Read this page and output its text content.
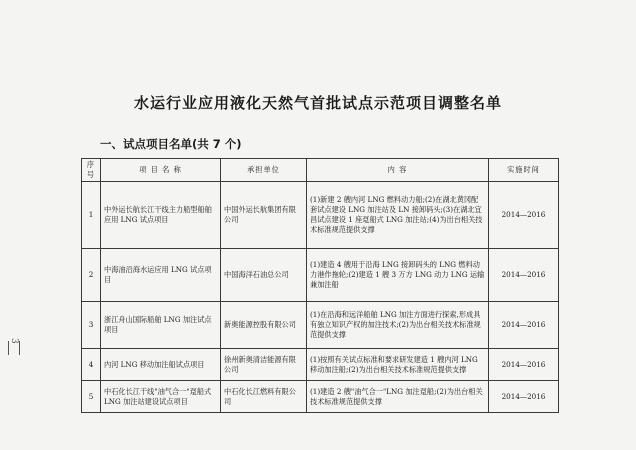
3
水运行业应用液化天然气首批试点示范项目调整名单
一、试点项目名单(共 7 个)
序号	项 目 名 称	承担单位	内 容	实施时间
1	中外运长航长江干线主力船型船舶应用 LNG 试点项目	中国外运长航集团有限公司	(1)新建 2 艘内河 LNG 燃料动力船;(2)在湖北黄冈配套试点建设 LNG 加注站及 LN 接卸码头;(3)在湖北宜昌试点建设 1 座趸船式 LNG 加注站;(4)为出台相关技术标准规范提供支撑	2014—2016
2	中海油沿海水运应用 LNG 试点项目	中国海洋石油总公司	(1)建造 4 艘用于沿海 LNG 接卸码头的 LNG 燃料动力港作拖轮;(2)建造 1 艘 3 万方 LNG 动力 LNG 运输兼加注船	2014—2016
3	浙江舟山国际船舶 LNG 加注试点项目	新奥能源控股有限公司	(1)在沿海和远洋船舶 LNG 加注方面进行探索,形成具有独立知识产权的加注技术;(2)为出台相关技术标准规范提供支撑	2014—2016
4	内河 LNG 移动加注船试点项目	徐州新奥清洁能源有限公司	(1)按照有关试点标准和要求研发建造 1 艘内河 LNG 移动加注船;(2)为出台相关技术标准规范提供支撑	2014—2016
5	中石化长江干线"油气合一"趸船式 LNG 加注站建设试点项目	中石化长江燃料有限公司	(1)建造 2 艘"油气合一"LNG 加注趸船;(2)为出台相关技术标准规范提供支撑	2014—2016
